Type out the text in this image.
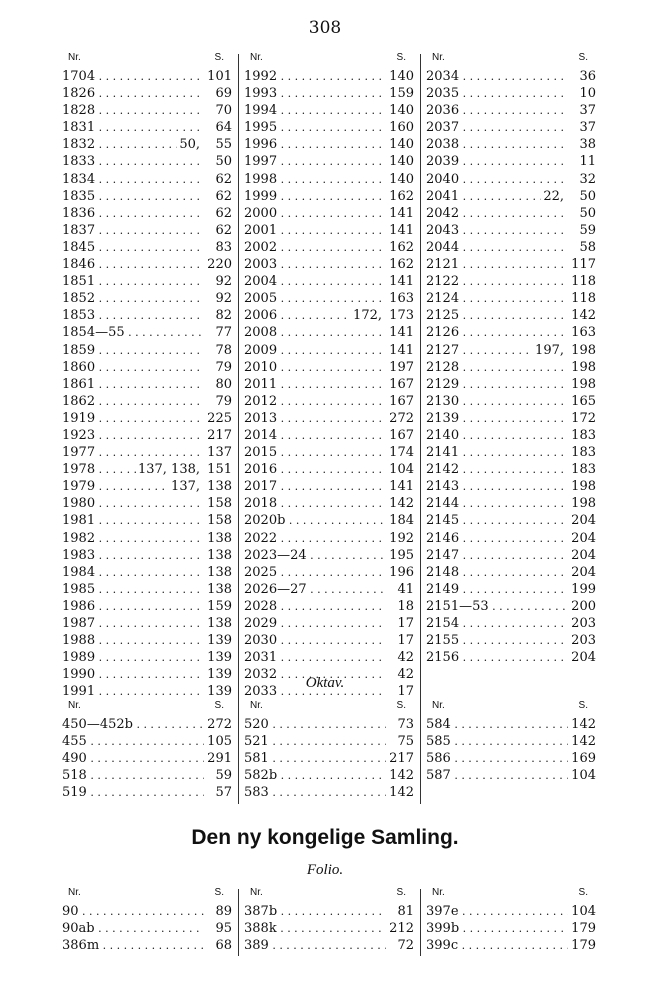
308
Nr.	S.
1704 . . .	101
1826 . . .	69
1828 . . .	70
1831 . . .	64
1832 . . .	50, 55
1833 . . .	50
1834 . . .	62
1835 . . .	62
1836 . . .	62
1837 . . .	62
1845 . . .	83
1846 . . .	220
1851 . . .	92
1852 . . .	92
1853 . . .	82
1854—55 . . .	77
1859 . . .	78
1860 . . .	79
1861 . . .	80
1862 . . .	79
1919 . . .	225
1923 . . .	217
1977 . . .	137
1978 . . .	137, 138, 151
1979 . . .	137, 138
1980 . . .	158
1981 . . .	158
1982 . . .	138
1983 . . .	138
1984 . . .	138
1985 . . .	138
1986 . . .	159
1987 . . .	138
1988 . . .	139
1989 . . .	139
1990 . . .	139
1991 . . .	139
Nr.	S.
1992 . . .	140
1993 . . .	159
1994 . . .	140
1995 . . .	160
1996 . . .	140
1997 . . .	140
1998 . . .	140
1999 . . .	162
2000 . . .	141
2001 . . .	141
2002 . . .	162
2003 . . .	162
2004 . . .	141
2005 . . .	163
2006 . . .	172, 173
2008 . . .	141
2009 . . .	141
2010 . . .	197
2011 . . .	167
2012 . . .	167
2013 . . .	272
2014 . . .	167
2015 . . .	174
2016 . . .	104
2017 . . .	141
2018 . . .	142
2020b . . .	184
2022 . . .	192
2023—24 . . .	195
2025 . . .	196
2026—27 . . .	41
2028 . . .	18
2029 . . .	17
2030 . . .	17
2031 . . .	42
2032 . . .	42
2033 . . .	17
Nr.	S.
2034 . . .	36
2035 . . .	10
2036 . . .	37
2037 . . .	37
2038 . . .	38
2039 . . .	11
2040 . . .	32
2041 . . .	22, 50
2042 . . .	50
2043 . . .	59
2044 . . .	58
2121 . . .	117
2122 . . .	118
2124 . . .	118
2125 . . .	142
2126 . . .	163
2127 . . .	197, 198
2128 . . .	198
2129 . . .	198
2130 . . .	165
2139 . . .	172
2140 . . .	183
2141 . . .	183
2142 . . .	183
2143 . . .	198
2144 . . .	198
2145 . . .	204
2146 . . .	204
2147 . . .	204
2148 . . .	204
2149 . . .	199
2151—53 . . .	200
2154 . . .	203
2155 . . .	203
2156 . . .	204
Oktav.
Nr.	S.
450—452b . . .	272
455 . . .	105
490 . . .	291
518 . . .	59
519 . . .	57
Nr.	S.
520 . . .	73
521 . . .	75
581 . . .	217
582b . . .	142
583 . . .	142
Nr.	S.
584 . . .	142
585 . . .	142
586 . . .	169
587 . . .	104
Den ny kongelige Samling.
Folio.
Nr.	S.
90 . . .	89
90ab . . .	95
386m . . .	68
Nr.	S.
387b . . .	81
388k . . .	212
389 . . .	72
Nr.	S.
397e . . .	104
399b . . .	179
399c . . .	179
